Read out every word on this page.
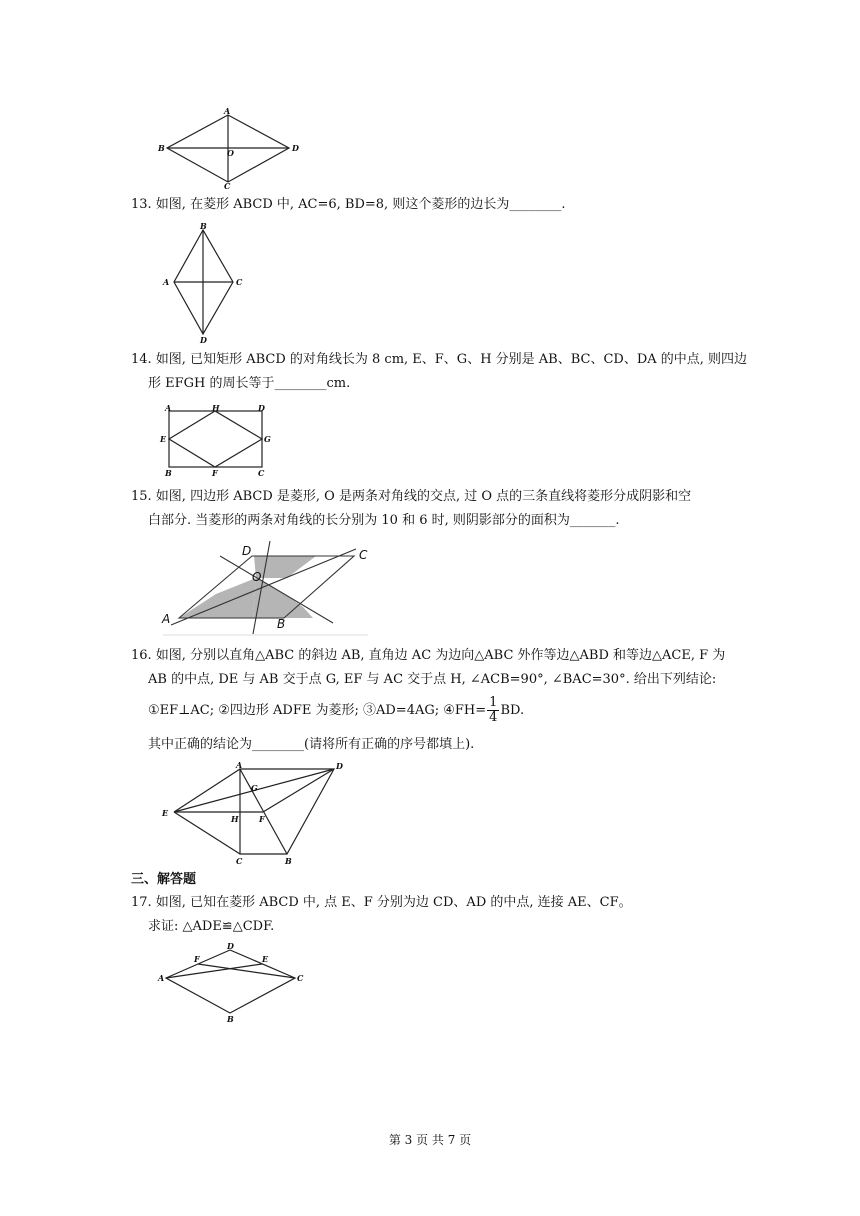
A
B	O	D
C
13. 如图, 在菱形 ABCD 中, AC=6, BD=8, 则这个菱形的边长为________.
B
A	C
D
14. 如图, 已知矩形 ABCD 的对角线长为 8 cm, E、F、G、H 分别是 AB、BC、CD、DA 的中点, 则四边
形 EFGH 的周长等于________cm.
A	H	D
E	G
B	F	C
15. 如图, 四边形 ABCD 是菱形, O 是两条对角线的交点, 过 O 点的三条直线将菱形分成阴影和空
白部分. 当菱形的两条对角线的长分别为 10 和 6 时, 则阴影部分的面积为_______.
D	C
O
A	B
16. 如图, 分别以直角△ABC 的斜边 AB, 直角边 AC 为边向△ABC 外作等边△ABD 和等边△ACE, F 为
AB 的中点, DE 与 AB 交于点 G, EF 与 AC 交于点 H, ∠ACB=90°, ∠BAC=30°. 给出下列结论:
①EF⊥AC; ②四边形 ADFE 为菱形; ③AD=4AG; ④FH= $\frac{1}{4}$ BD.
其中正确的结论为________(请将所有正确的序号都填上).
A	D
G
E
H	F
C	B
三、解答题
17. 如图, 已知在菱形 ABCD 中, 点 E、F 分别为边 CD、AD 的中点, 连接 AE、CF。
求证: △ADE≌△CDF.
D
F	E
A	C
B
第 3 页 共 7 页
